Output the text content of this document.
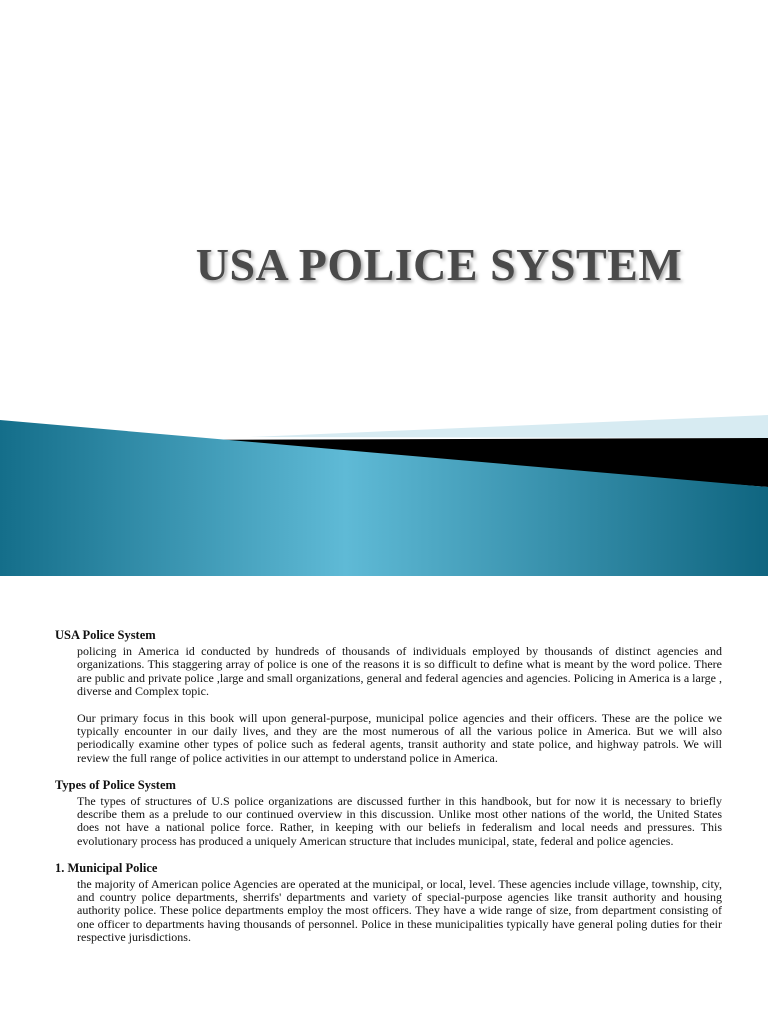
USA POLICE SYSTEM
USA Police System

policing in America id conducted by hundreds of thousands of individuals employed by thousands of distinct agencies and organizations. This staggering array of police is one of the reasons it is so difficult to define what is meant by the word police. There are public and private police ,large and small organizations, general and federal agencies and agencies. Policing in America is a large , diverse and Complex topic.

Our primary focus in this book will upon general-purpose, municipal police agencies and their officers. These are the police we typically encounter in our daily lives, and they are the most numerous of all the various police in America. But we will also periodically examine other types of police such as federal agents, transit authority and state police, and highway patrols. We will review the full range of police activities in our attempt to understand police in America.

Types of Police System

The types of structures of U.S police organizations are discussed further in this handbook, but for now it is necessary to briefly describe them as a prelude to our continued overview in this discussion. Unlike most other nations of the world, the United States does not have a national police force. Rather, in keeping with our beliefs in federalism and local needs and pressures. This evolutionary process has produced a uniquely American structure that includes municipal, state, federal and police agencies.

1. Municipal Police

the majority of American police Agencies are operated at the municipal, or local, level. These agencies include village, township, city, and country police departments, sherrifs' departments and variety of special-purpose agencies like transit authority and housing authority police. These police departments employ the most officers. They have a wide range of size, from department consisting of one officer to departments having thousands of personnel. Police in these municipalities typically have general poling duties for their respective jurisdictions.
